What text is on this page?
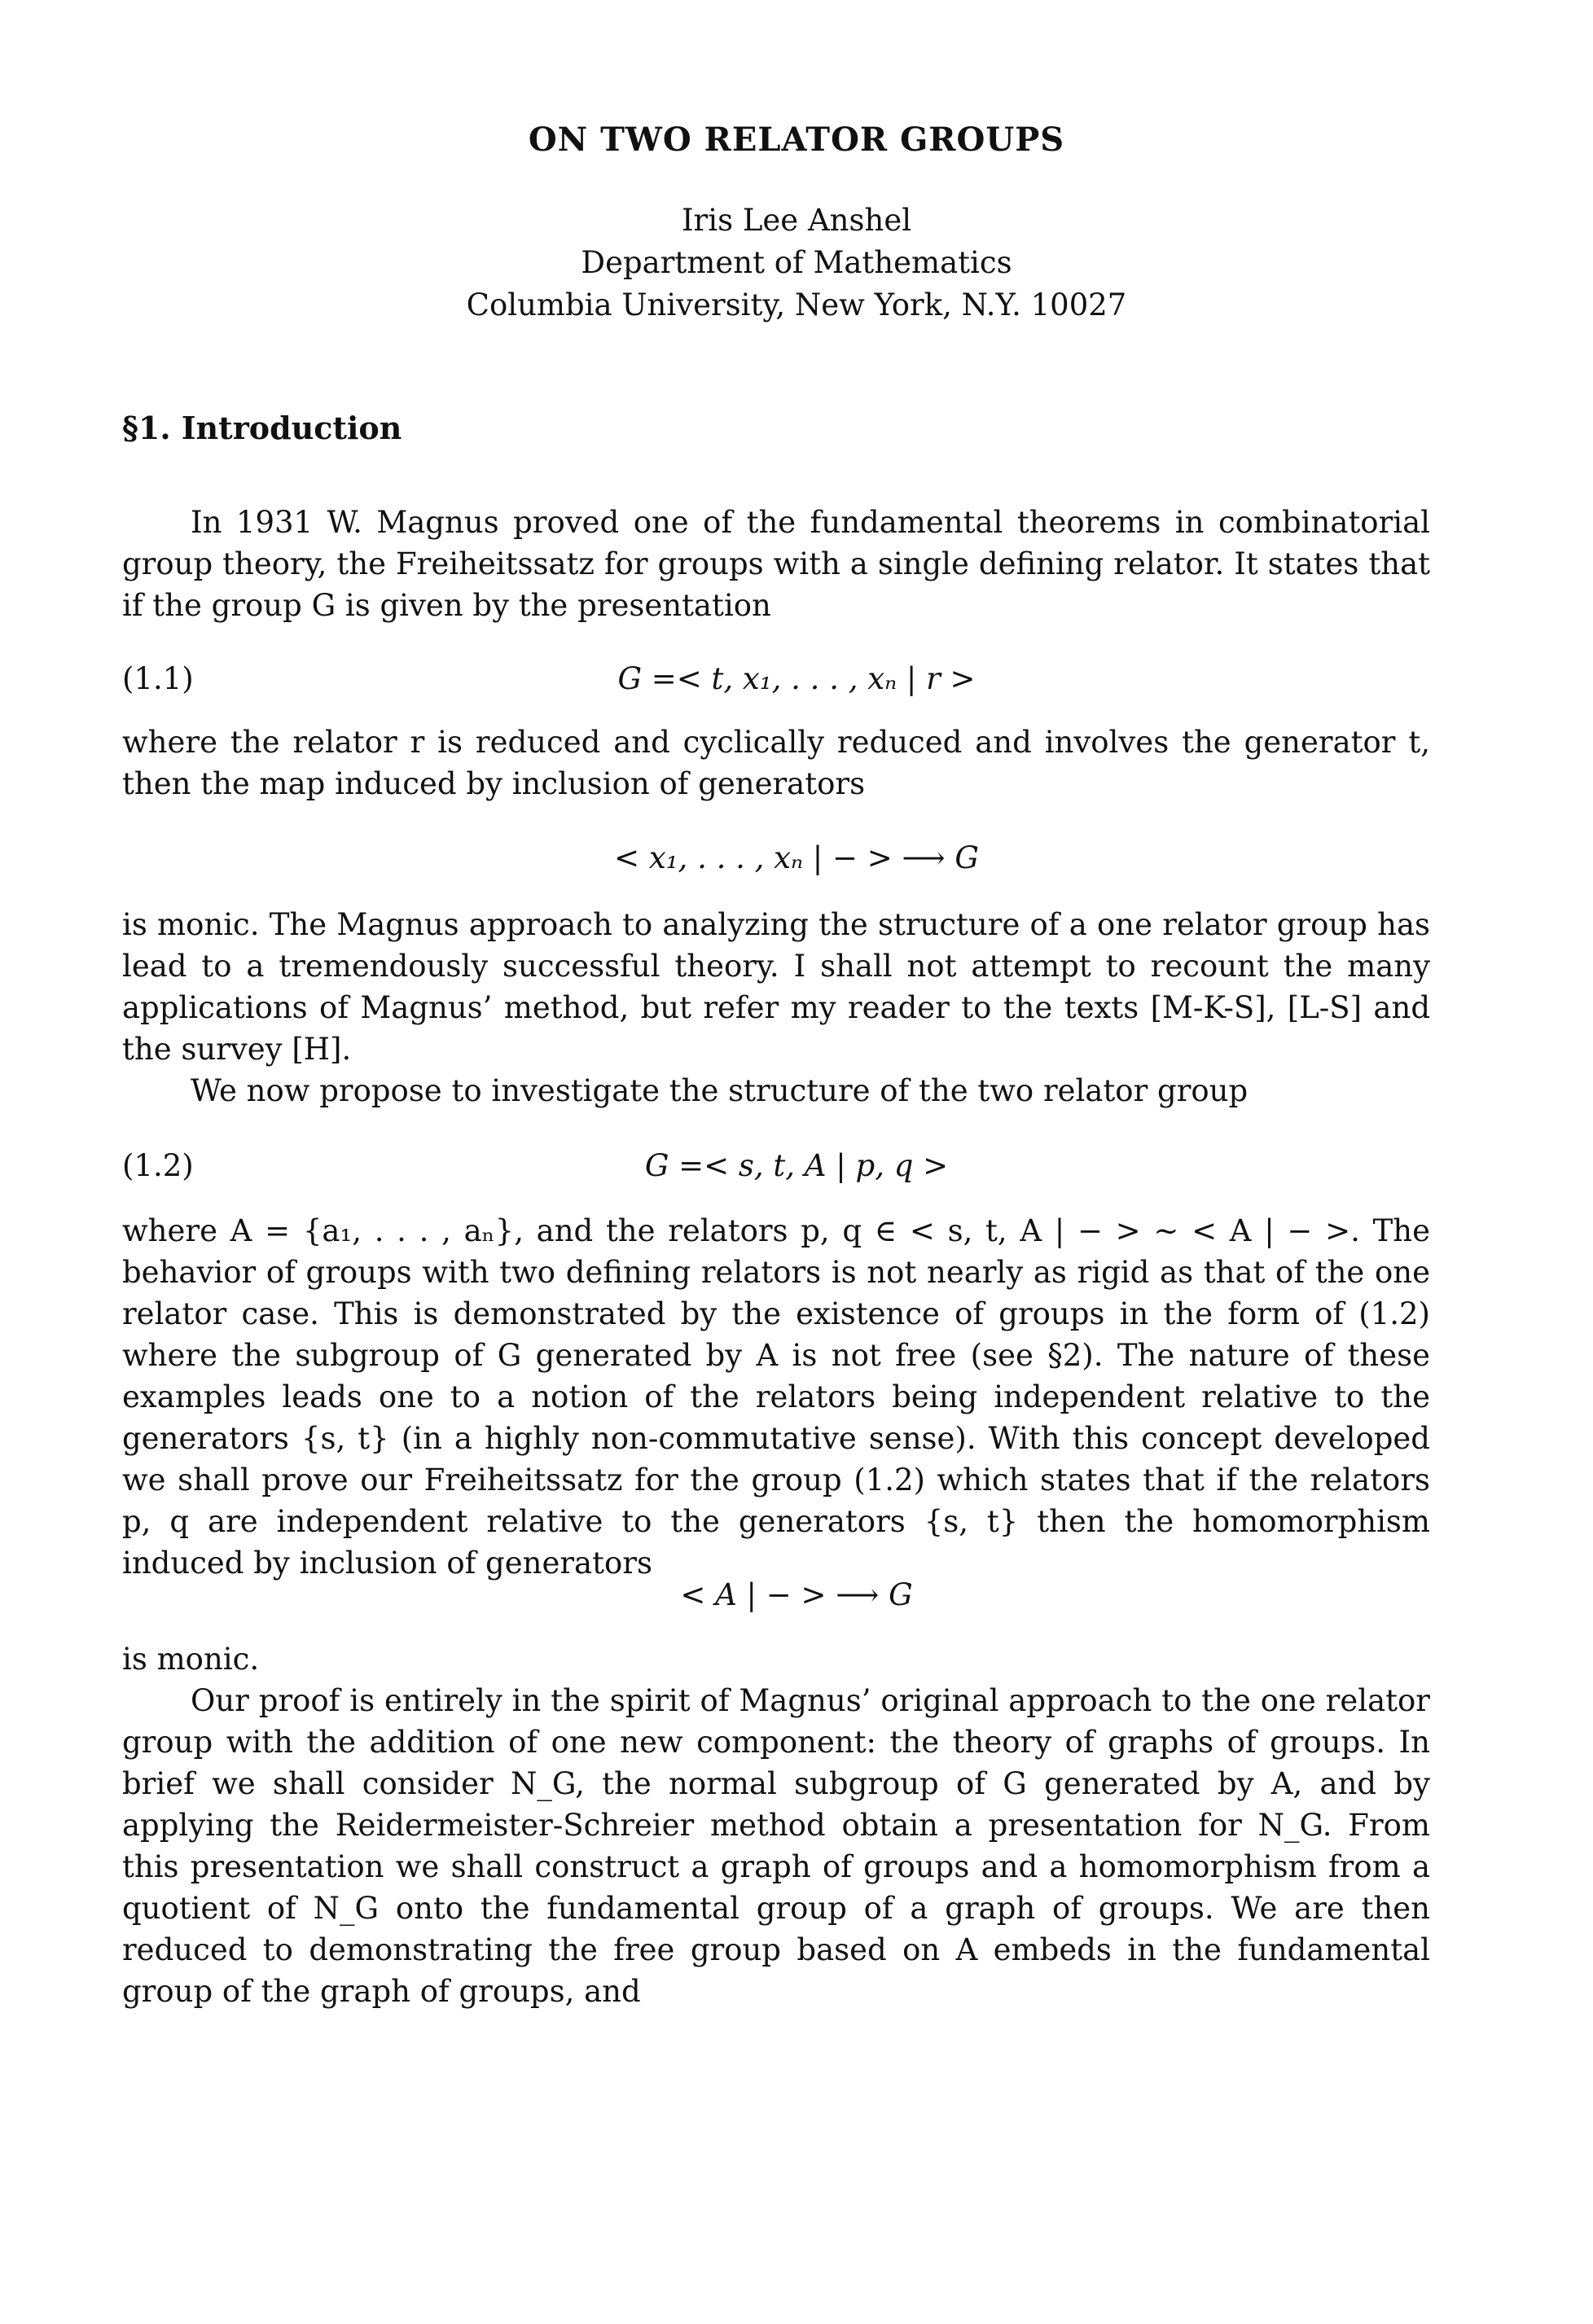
ON TWO RELATOR GROUPS
Iris Lee Anshel
Department of Mathematics
Columbia University, New York, N.Y. 10027
§1. Introduction

In 1931 W. Magnus proved one of the fundamental theorems in combinatorial group theory, the Freiheitssatz for groups with a single defining relator. It states that if the group G is given by the presentation

(1.1)	G =< t, x₁, . . . , xₙ | r >

where the relator r is reduced and cyclically reduced and involves the generator t, then the map induced by inclusion of generators

< x₁, . . . , xₙ | − > ⟶ G

is monic. The Magnus approach to analyzing the structure of a one relator group has lead to a tremendously successful theory. I shall not attempt to recount the many applications of Magnus’ method, but refer my reader to the texts [M-K-S], [L-S] and the survey [H].

We now propose to investigate the structure of the two relator group

(1.2)	G =< s, t, A | p, q >

where A = {a₁, . . . , aₙ}, and the relators p, q ∈ < s, t, A | − > ∼ < A | − >. The behavior of groups with two defining relators is not nearly as rigid as that of the one relator case. This is demonstrated by the existence of groups in the form of (1.2) where the subgroup of G generated by A is not free (see §2). The nature of these examples leads one to a notion of the relators being independent relative to the generators {s, t} (in a highly non-commutative sense). With this concept developed we shall prove our Freiheitssatz for the group (1.2) which states that if the relators p, q are independent relative to the generators {s, t} then the homomorphism induced by inclusion of generators

< A | − > ⟶ G

is monic.

Our proof is entirely in the spirit of Magnus’ original approach to the one relator group with the addition of one new component: the theory of graphs of groups. In brief we shall consider N_G, the normal subgroup of G generated by A, and by applying the Reidermeister-Schreier method obtain a presentation for N_G. From this presentation we shall construct a graph of groups and a homomorphism from a quotient of N_G onto the fundamental group of a graph of groups. We are then reduced to demonstrating the free group based on A embeds in the fundamental group of the graph of groups, and
